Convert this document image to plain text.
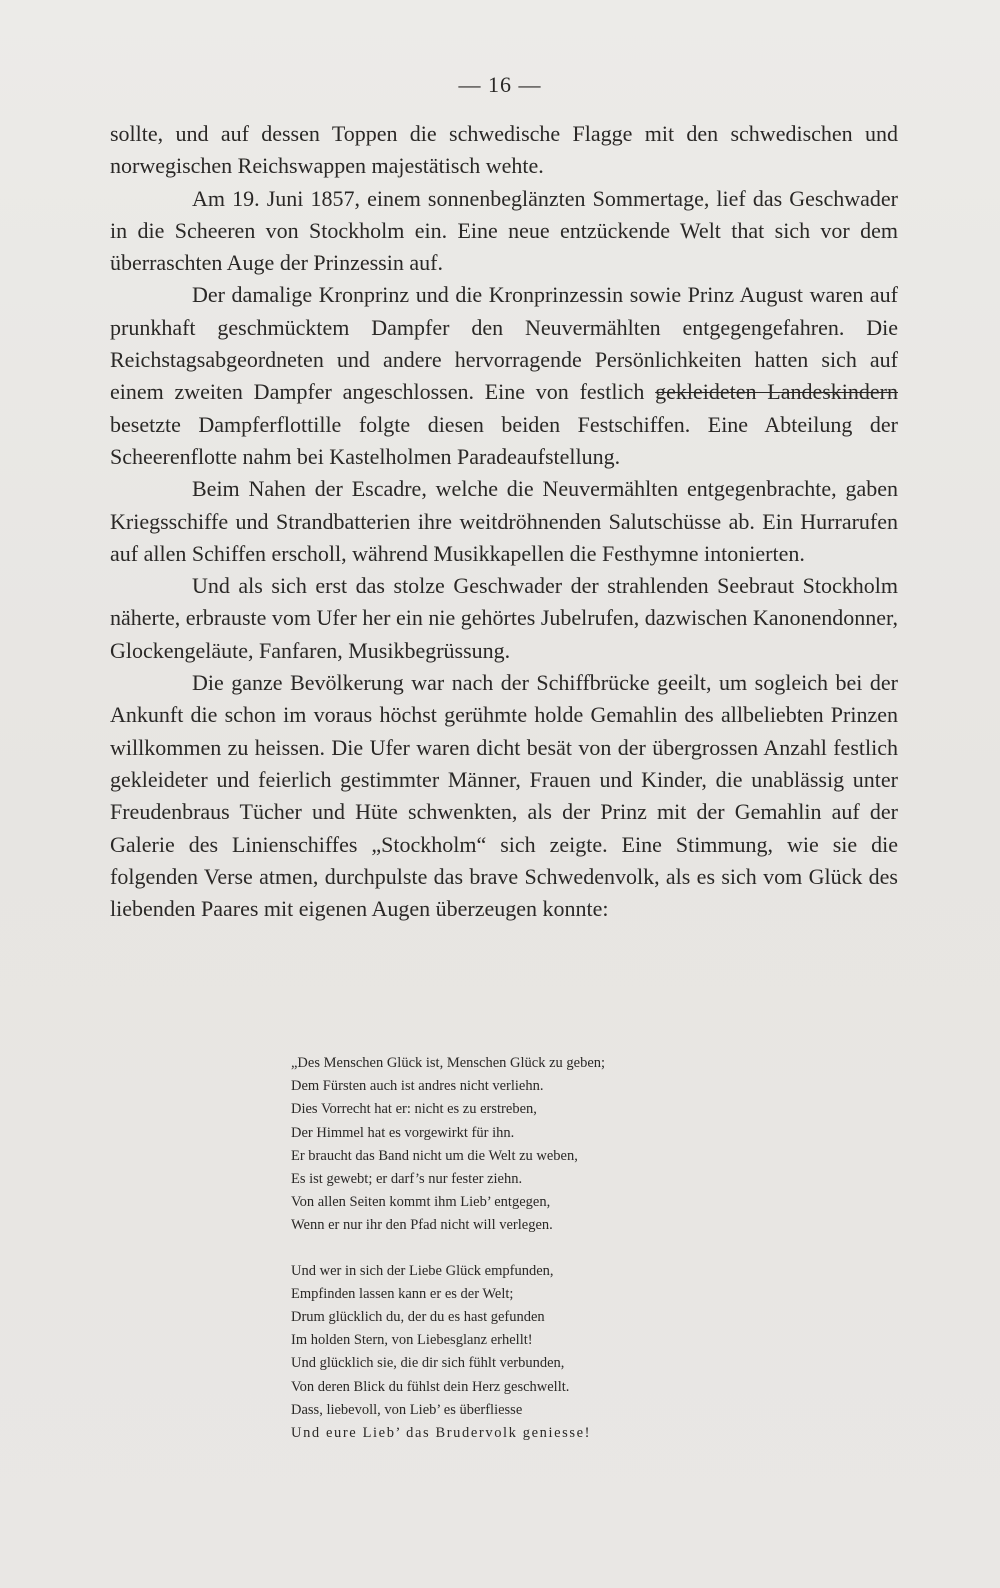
— 16 —

sollte, und auf dessen Toppen die schwedische Flagge mit den schwedischen und norwegischen Reichswappen majestätisch wehte.

Am 19. Juni 1857, einem sonnenbeglänzten Sommertage, lief das Geschwader in die Scheeren von Stockholm ein. Eine neue entzückende Welt that sich vor dem überraschten Auge der Prinzessin auf.

Der damalige Kronprinz und die Kronprinzessin sowie Prinz August waren auf prunkhaft geschmücktem Dampfer den Neuvermählten entgegengefahren. Die Reichstagsabgeordneten und andere hervorragende Persönlichkeiten hatten sich auf einem zweiten Dampfer angeschlossen. Eine von festlich gekleideten Landeskindern besetzte Dampferflottille folgte diesen beiden Festschiffen. Eine Abteilung der Scheerenflotte nahm bei Kastelholmen Paradeaufstellung.

Beim Nahen der Escadre, welche die Neuvermählten entgegenbrachte, gaben Kriegsschiffe und Strandbatterien ihre weitdröhnenden Salutschüsse ab. Ein Hurrarufen auf allen Schiffen erscholl, während Musikkapellen die Festhymne intonierten.

Und als sich erst das stolze Geschwader der strahlenden Seebraut Stockholm näherte, erbrauste vom Ufer her ein nie gehörtes Jubelrufen, dazwischen Kanonendonner, Glockengeläute, Fanfaren, Musikbegrüssung.

Die ganze Bevölkerung war nach der Schiffbrücke geeilt, um sogleich bei der Ankunft die schon im voraus höchst gerühmte holde Gemahlin des allbeliebten Prinzen willkommen zu heissen. Die Ufer waren dicht besät von der übergrossen Anzahl festlich gekleideter und feierlich gestimmter Männer, Frauen und Kinder, die unablässig unter Freudenbraus Tücher und Hüte schwenkten, als der Prinz mit der Gemahlin auf der Galerie des Linienschiffes „Stockholm“ sich zeigte. Eine Stimmung, wie sie die folgenden Verse atmen, durchpulste das brave Schwedenvolk, als es sich vom Glück des liebenden Paares mit eigenen Augen überzeugen konnte:

„Des Menschen Glück ist, Menschen Glück zu geben;
Dem Fürsten auch ist andres nicht verliehn.
Dies Vorrecht hat er: nicht es zu erstreben,
Der Himmel hat es vorgewirkt für ihn.
Er braucht das Band nicht um die Welt zu weben,
Es ist gewebt; er darf’s nur fester ziehn.
Von allen Seiten kommt ihm Lieb’ entgegen,
Wenn er nur ihr den Pfad nicht will verlegen.
Und wer in sich der Liebe Glück empfunden,
Empfinden lassen kann er es der Welt;
Drum glücklich du, der du es hast gefunden
Im holden Stern, von Liebesglanz erhellt!
Und glücklich sie, die dir sich fühlt verbunden,
Von deren Blick du fühlst dein Herz geschwellt.
Dass, liebevoll, von Lieb’ es überfliesse
Und eure Lieb’ das Brudervolk geniesse!
